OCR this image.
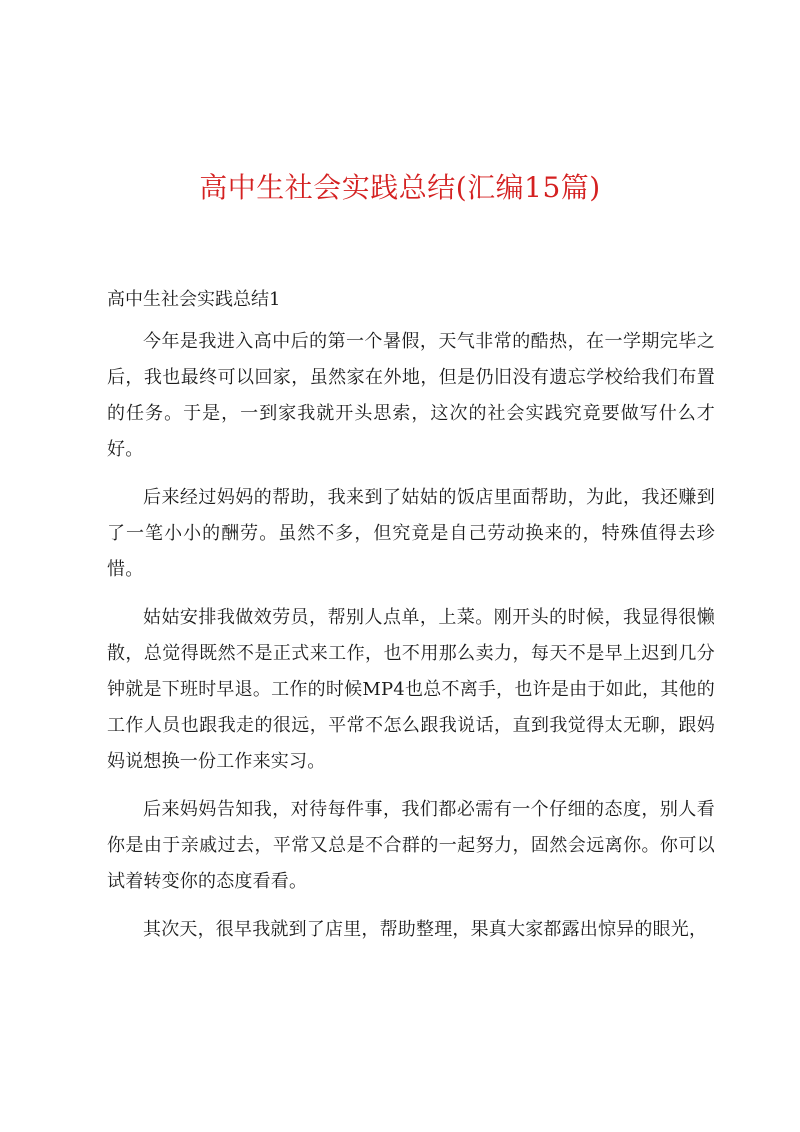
高中生社会实践总结(汇编15篇)
高中生社会实践总结1

今年是我进入高中后的第一个暑假，天气非常的酷热，在一学期完毕之后，我也最终可以回家，虽然家在外地，但是仍旧没有遗忘学校给我们布置的任务。于是，一到家我就开头思索，这次的社会实践究竟要做写什么才好。

后来经过妈妈的帮助，我来到了姑姑的饭店里面帮助，为此，我还赚到了一笔小小的酬劳。虽然不多，但究竟是自己劳动换来的，特殊值得去珍惜。

姑姑安排我做效劳员，帮别人点单，上菜。刚开头的时候，我显得很懒散，总觉得既然不是正式来工作，也不用那么卖力，每天不是早上迟到几分钟就是下班时早退。工作的时候MP4也总不离手，也许是由于如此，其他的工作人员也跟我走的很远，平常不怎么跟我说话，直到我觉得太无聊，跟妈妈说想换一份工作来实习。

后来妈妈告知我，对待每件事，我们都必需有一个仔细的态度，别人看你是由于亲戚过去，平常又总是不合群的一起努力，固然会远离你。你可以试着转变你的态度看看。

其次天，很早我就到了店里，帮助整理，果真大家都露出惊异的眼光，
